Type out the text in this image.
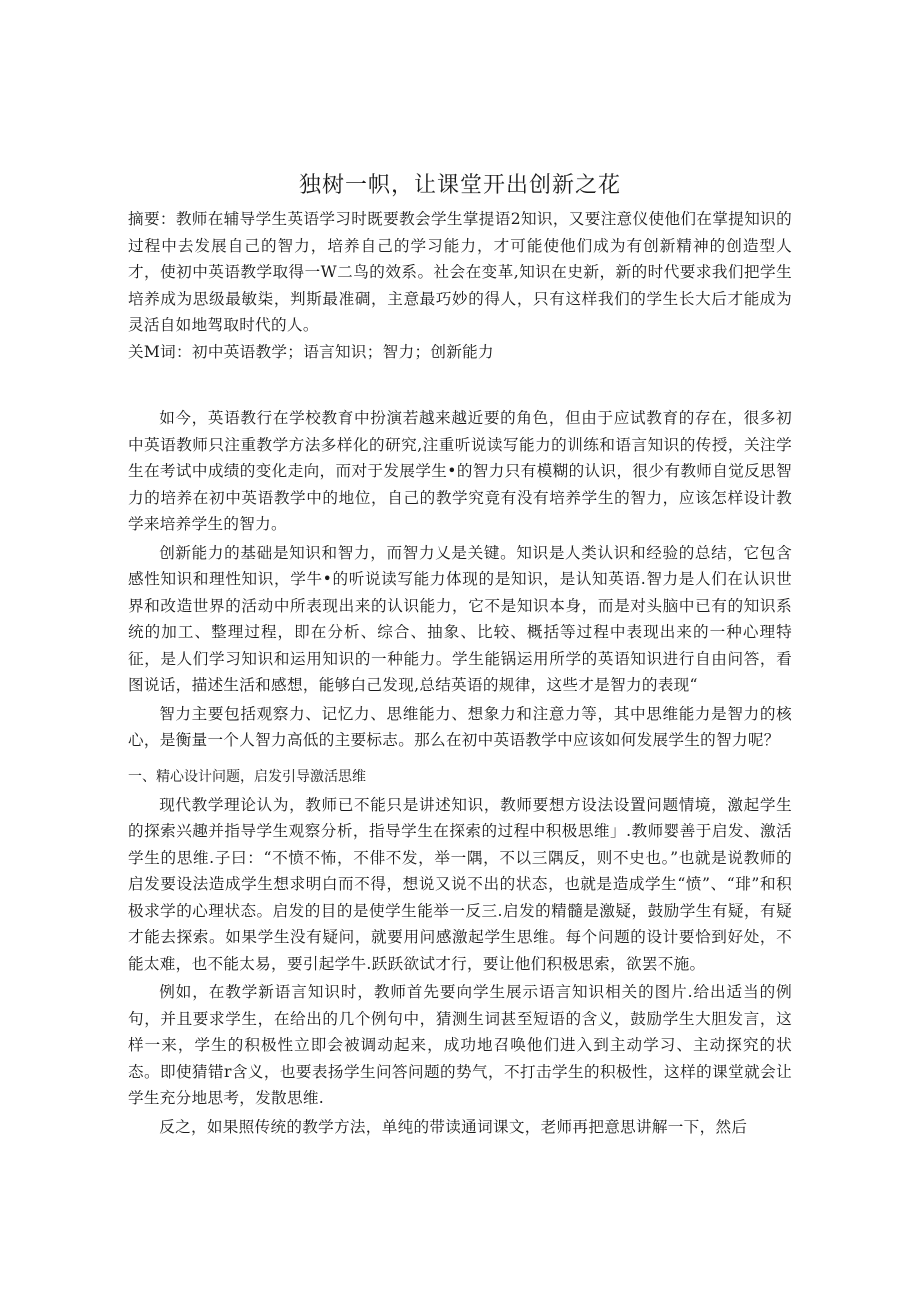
独树一帜，让课堂开出创新之花

摘要：教师在辅导学生英语学习时既要教会学生掌提语2知识，又要注意仪使他们在掌提知识的过程中去发展自己的智力，培养自己的学习能力，才可能使他们成为有创新精神的创造型人才，使初中英语教学取得一W二鸟的效系。社会在变革,知识在史新，新的时代要求我们把学生培养成为思级最敏柒，判斯最准碉，主意最巧妙的得人，只有这样我们的学生长大后才能成为灵活自如地驾取时代的人。

关M词：初中英语教学；语言知识；智力；创新能力

如今，英语教行在学校教育中扮演若越来越近要的角色，但由于应试教育的存在，很多初中英语教师只注重教学方法多样化的研究,注重听说读写能力的训练和语言知识的传授，关注学生在考试中成绩的变化走向，而对于发展学生•的智力只有模糊的认识，很少有教师自觉反思智力的培养在初中英语教学中的地位，自己的教学究竟有没有培养学生的智力，应该怎样设计教学来培养学生的智力。

创新能力的基础是知识和智力，而智力乂是关键。知识是人类认识和经验的总结，它包含感性知识和理性知识，学牛•的听说读写能力体现的是知识，是认知英语.智力是人们在认识世界和改造世界的活动中所表现出来的认识能力，它不是知识本身，而是对头脑中已有的知识系统的加工、整理过程，即在分析、综合、抽象、比较、概括等过程中表现出来的一种心理特征，是人们学习知识和运用知识的一种能力。学生能锅运用所学的英语知识进行自由问答，看图说话，描述生活和感想，能够白己发现,总结英语的规律，这些才是智力的表现“

智力主要包括观察力、记忆力、思维能力、想象力和注意力等，其中思维能力是智力的核心，是衡量一个人智力高低的主要标志。那么在初中英语教学中应该如何发展学生的智力呢？

一、精心设计问题，启发引导激活思维

现代教学理论认为，教师已不能只是讲述知识，教师要想方设法设置问题情境，激起学生的探索兴趣并指导学生观察分析，指导学生在探索的过程中积极思维」.教师婴善于启发、激活学生的思维.子曰：“不愤不怖，不俳不发，举一隅，不以三隅反，则不史也。”也就是说教师的启发要设法造成学生想求明白而不得，想说又说不出的状态，也就是造成学生“愤”、“琲”和积极求学的心理状态。启发的目的是使学生能举一反三.启发的精髓是激疑，鼓励学生有疑，有疑才能去探索。如果学生没有疑问，就要用问感激起学生思维。每个问题的设计要恰到好处，不能太难，也不能太易，要引起学牛.跃跃欲试才行，要让他们积极思索，欲罢不施。

例如，在教学新语言知识时，教师首先要向学生展示语言知识相关的图片.给出适当的例句，并且要求学生，在给出的几个例句中，猜测生词甚至短语的含义，鼓励学生大胆发言，这样一来，学生的积极性立即会被调动起来，成功地召唤他们进入到主动学习、主动探究的状态。即使猜错r含义，也要表扬学生问答问题的势气，不打击学生的积极性，这样的课堂就会让学生充分地思考，发散思维.

反之，如果照传统的教学方法，单纯的带读通词课文，老师再把意思讲解一下，然后
